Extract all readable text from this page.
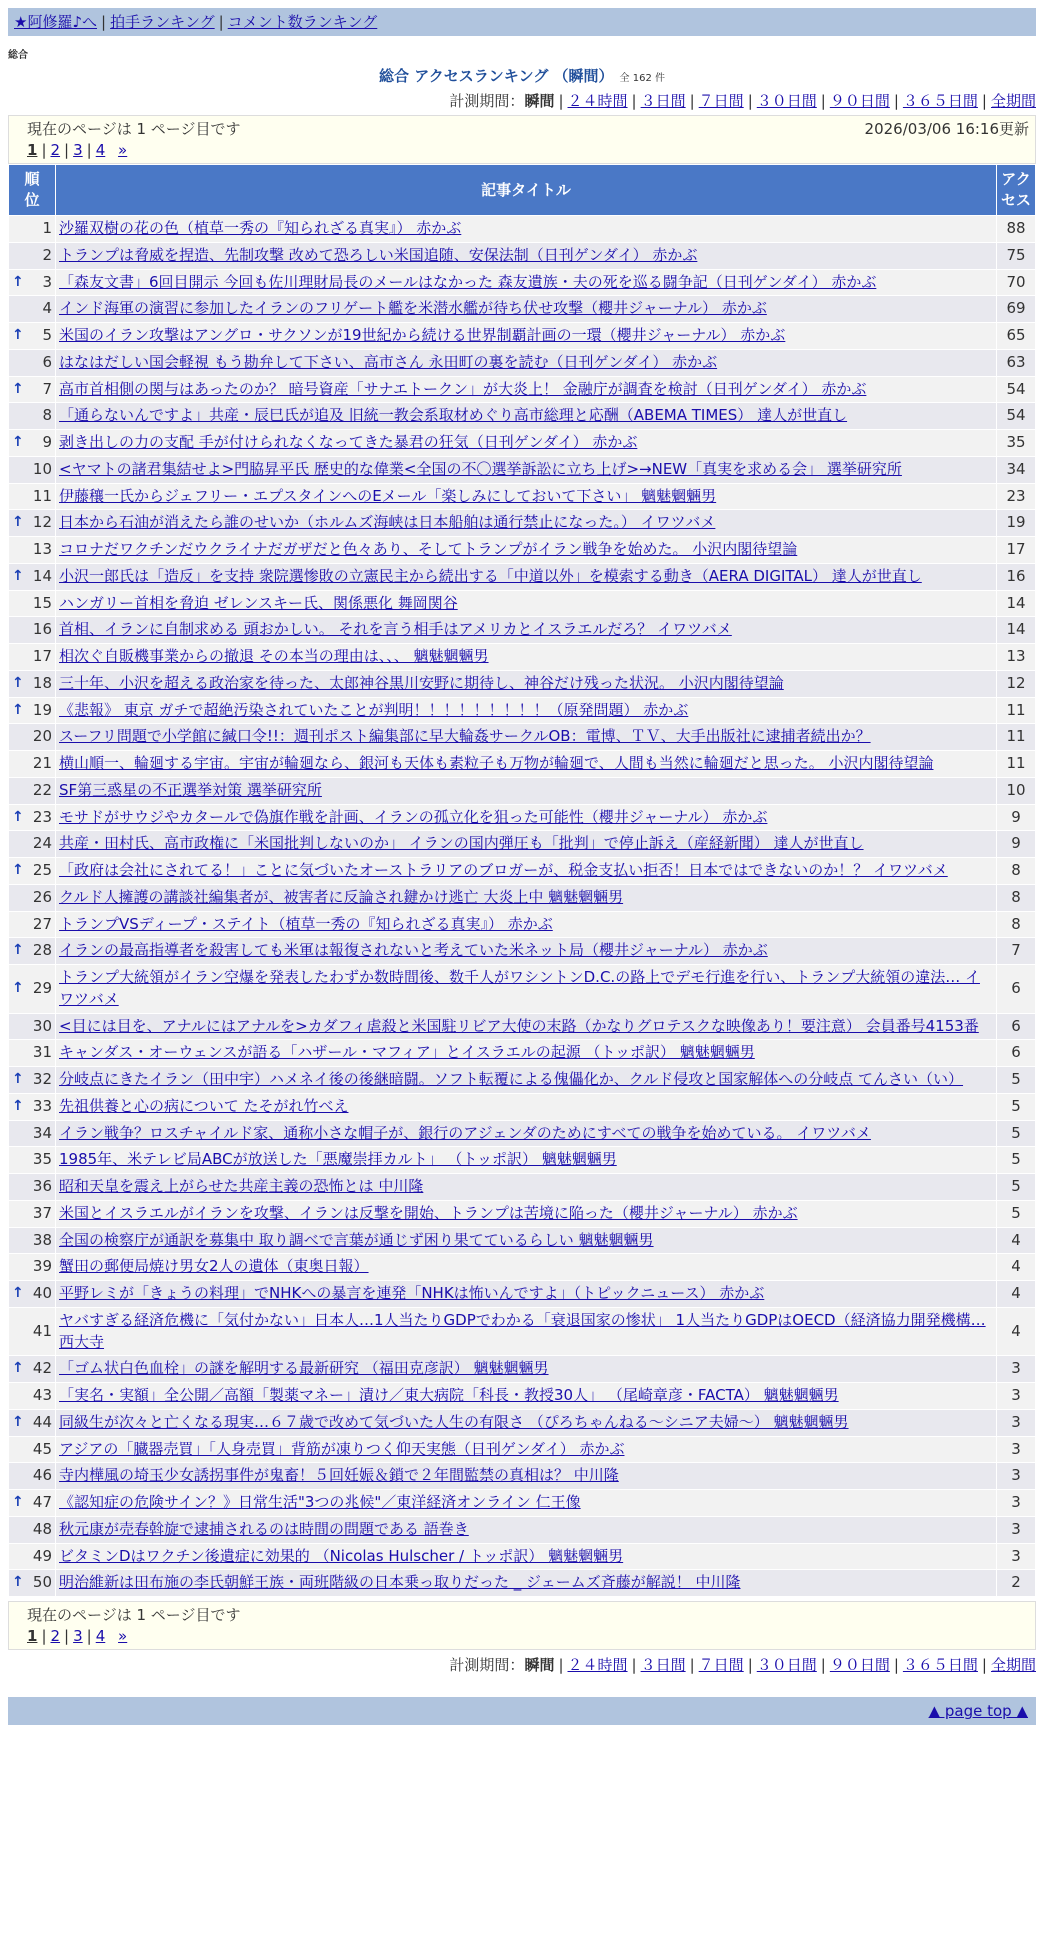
★阿修羅♪へ | 拍手ランキング | コメント数ランキング
総合
総合 アクセスランキング （瞬間） 全 162 件
計測期間：瞬間 | ２４時間 | ３日間 | ７日間 | ３０日間 | ９０日間 | ３６５日間 | 全期間
現在のページは 1 ページ目です	2026/03/06 16:16更新
1 | 2 | 3 | 4 »
順位	記事タイトル	アクセス
1	沙羅双樹の花の色（植草一秀の『知られざる真実』） 赤かぶ	88
2	トランプは脅威を捏造、先制攻撃 改めて恐ろしい米国追随、安保法制（日刊ゲンダイ） 赤かぶ	75

↑ 3	「森友文書」6回目開示 今回も佐川理財局長のメールはなかった 森友遺族・夫の死を巡る闘争記（日刊ゲンダイ） 赤かぶ	70
4	インド海軍の演習に参加したイランのフリゲート艦を米潜水艦が待ち伏せ攻撃（櫻井ジャーナル） 赤かぶ	69

↑ 5	米国のイラン攻撃はアングロ・サクソンが19世紀から続ける世界制覇計画の一環（櫻井ジャーナル） 赤かぶ	65
6	はなはだしい国会軽視 もう勘弁して下さい、高市さん 永田町の裏を読む（日刊ゲンダイ） 赤かぶ	63

↑ 7	高市首相側の関与はあったのか？ 暗号資産「サナエトークン」が大炎上！ 金融庁が調査を検討（日刊ゲンダイ） 赤かぶ	54
8	「通らないんですよ」共産・辰巳氏が追及 旧統一教会系取材めぐり高市総理と応酬（ABEMA TIMES） 達人が世直し	54

↑ 9	剥き出しの力の支配 手が付けられなくなってきた暴君の狂気（日刊ゲンダイ） 赤かぶ	35
10	<ヤマトの諸君集結せよ>門脇昇平氏 歴史的な偉業<全国の不〇選挙訴訟に立ち上げ>→NEW「真実を求める会」 選挙研究所	34
11	伊藤穰一氏からジェフリー・エプスタインへのEメール「楽しみにしておいて下さい」 魑魅魍魎男	23

↑ 12	日本から石油が消えたら誰のせいか（ホルムズ海峡は日本船舶は通行禁止になった。） イワツバメ	19
13	コロナだワクチンだウクライナだガザだと色々あり、そしてトランプがイラン戦争を始めた。 小沢内閣待望論	17

↑ 14	小沢一郎氏は「造反」を支持 衆院選惨敗の立憲民主から続出する「中道以外」を模索する動き（AERA DIGITAL） 達人が世直し	16
15	ハンガリー首相を脅迫 ゼレンスキー氏、関係悪化 舞岡関谷	14
16	首相、イランに自制求める 頭おかしい。 それを言う相手はアメリカとイスラエルだろ？ イワツバメ	14
17	相次ぐ自販機事業からの撤退 その本当の理由は、、、 魑魅魍魎男	13

↑ 18	三十年、小沢を超える政治家を待った、太郎神谷黒川安野に期待し、神谷だけ残った状況。 小沢内閣待望論	12

↑ 19	《悲報》 東京 ガチで超絶汚染されていたことが判明！！！！！！！！！（原発問題） 赤かぶ	11
20	スーフリ問題で小学館に緘口令!!：週刊ポスト編集部に早大輪姦サークルOB：電博、ＴＶ、大手出版社に逮捕者続出か？	11
21	横山順一、輪廻する宇宙。宇宙が輪廻なら、銀河も天体も素粒子も万物が輪廻で、人間も当然に輪廻だと思った。 小沢内閣待望論	11
22	SF第三惑星の不正選挙対策 選挙研究所	10

↑ 23	モサドがサウジやカタールで偽旗作戦を計画、イランの孤立化を狙った可能性（櫻井ジャーナル） 赤かぶ	9
24	共産・田村氏、高市政権に「米国批判しないのか」 イランの国内弾圧も「批判」で停止訴え（産経新聞） 達人が世直し	9

↑ 25	「政府は会社にされてる！」ことに気づいたオーストラリアのブロガーが、税金支払い拒否！日本ではできないのか！？ イワツバメ	8
26	クルド人擁護の講談社編集者が、被害者に反論され鍵かけ逃亡 大炎上中 魑魅魍魎男	8
27	トランプVSディープ・ステイト（植草一秀の『知られざる真実』） 赤かぶ	8

↑ 28	イランの最高指導者を殺害しても米軍は報復されないと考えていた米ネット局（櫻井ジャーナル） 赤かぶ	7

↑ 29	トランプ大統領がイラン空爆を発表したわずか数時間後、数千人がワシントンD.C.の路上でデモ行進を行い、トランプ大統領の違法… イワツバメ	6
30	<目には目を、アナルにはアナルを>カダフィ虐殺と米国駐リビア大使の末路（かなりグロテスクな映像あり！要注意） 会員番号4153番	6
31	キャンダス・オーウェンスが語る「ハザール・マフィア」とイスラエルの起源 （トッポ訳） 魑魅魍魎男	6

↑ 32	分岐点にきたイラン（田中宇）ハメネイ後の後継暗闘。ソフト転覆による傀儡化か、クルド侵攻と国家解体への分岐点 てんさい（い）	5

↑ 33	先祖供養と心の病について たそがれ竹べえ	5
34	イラン戦争？ロスチャイルド家、通称小さな帽子が、銀行のアジェンダのためにすべての戦争を始めている。 イワツバメ	5
35	1985年、米テレビ局ABCが放送した「悪魔崇拝カルト」 （トッポ訳） 魑魅魍魎男	5
36	昭和天皇を震え上がらせた共産主義の恐怖とは 中川隆	5
37	米国とイスラエルがイランを攻撃、イランは反撃を開始、トランプは苦境に陥った（櫻井ジャーナル） 赤かぶ	5
38	全国の検察庁が通訳を募集中 取り調べで言葉が通じず困り果てているらしい 魑魅魍魎男	4
39	蟹田の郵便局焼け男女2人の遺体（東奥日報）	4

↑ 40	平野レミが「きょうの料理」でNHKへの暴言を連発「NHKは怖いんですよ」（トピックニュース） 赤かぶ	4
41	ヤバすぎる経済危機に「気付かない」日本人…1人当たりGDPでわかる「衰退国家の惨状」 1人当たりGDPはOECD（経済協力開発機構… 西大寺	4

↑ 42	「ゴム状白色血栓」の謎を解明する最新研究 （福田克彦訳） 魑魅魍魎男	3
43	「実名・実額」全公開／高額「製薬マネー」漬け／東大病院「科長・教授30人」 （尾崎章彦・FACTA） 魑魅魍魎男	3

↑ 44	同級生が次々と亡くなる現実…６７歳で改めて気づいた人生の有限さ （ぴろちゃんねる～シニア夫婦～） 魑魅魍魎男	3
45	アジアの「臓器売買」「人身売買」背筋が凍りつく仰天実態（日刊ゲンダイ） 赤かぶ	3
46	寺内樺風の埼玉少女誘拐事件が鬼畜！５回妊娠＆鎖で２年間監禁の真相は？ 中川隆	3

↑ 47	《認知症の危険サイン？》日常生活"3つの兆候"／東洋経済オンライン 仁王像	3
48	秋元康が売春斡旋で逮捕されるのは時間の問題である 語巻き	3
49	ビタミンDはワクチン後遺症に効果的 （Nicolas Hulscher / トッポ訳） 魑魅魍魎男	3

↑ 50	明治維新は田布施の李氏朝鮮王族・両班階級の日本乗っ取りだった _ ジェームズ斉藤が解説！ 中川隆	2
現在のページは 1 ページ目です
1 | 2 | 3 | 4 »
計測期間：瞬間 | ２４時間 | ３日間 | ７日間 | ３０日間 | ９０日間 | ３６５日間 | 全期間
▲ page top ▲
